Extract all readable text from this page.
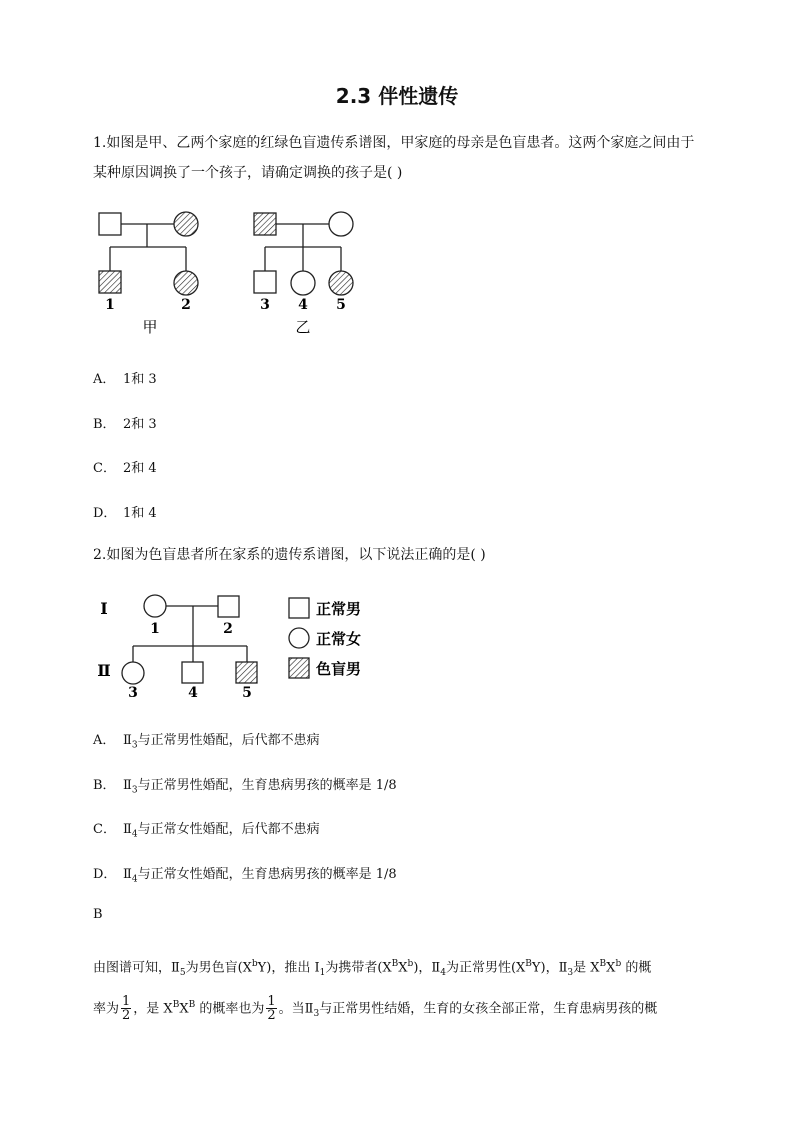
2.3 伴性遗传
1.如图是甲、乙两个家庭的红绿色盲遗传系谱图，甲家庭的母亲是色盲患者。这两个家庭之间由于
某种原因调换了一个孩子，请确定调换的孩子是( )
1	2
甲
3 4 5
乙
A． 1和 3
B． 2和 3
C． 2和 4
D． 1和 4
2.如图为色盲患者所在家系的遗传系谱图，以下说法正确的是( )
I
Ⅱ
1	2
3	4	5
正常男
正常女
色盲男
A． $Ⅱ_3$与正常男性婚配，后代都不患病
B． $Ⅱ_3$与正常男性婚配，生育患病男孩的概率是 1/8
C． $Ⅱ_4$与正常女性婚配，后代都不患病
D． $Ⅱ_4$与正常女性婚配，生育患病男孩的概率是 1/8
B
由图谱可知，$Ⅱ_5$为男色盲$(X^bY)$，推出 $I_1$为携带者$(X^BX^b)$，$Ⅱ_4$为正常男性$(X^BY)$，$Ⅱ_3$是 $X^BX^b$ 的概
率为 $\frac{1}{2}$ ，是 $X^BX^B$ 的概率也为 $\frac{1}{2}$ 。当$Ⅱ_3$与正常男性结婚，生育的女孩全部正常，生育患病男孩的概
